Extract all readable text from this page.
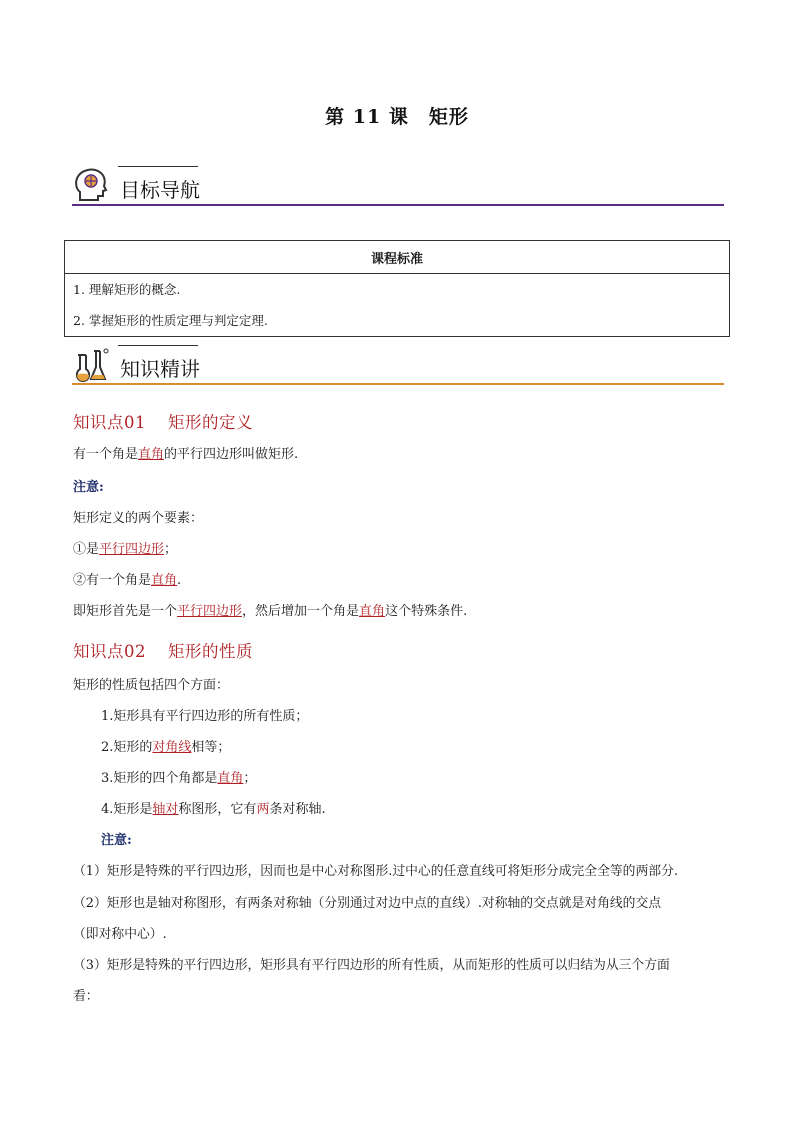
第 11 课　矩形
目标导航
课程标准

1. 理解矩形的概念.
2. 掌握矩形的性质定理与判定定理.
知识精讲
知识点01 矩形的定义
有一个角是直角的平行四边形叫做矩形.
注意:
矩形定义的两个要素：
①是平行四边形；
②有一个角是直角.
即矩形首先是一个平行四边形，然后增加一个角是直角这个特殊条件.
知识点02 矩形的性质
矩形的性质包括四个方面：
1.矩形具有平行四边形的所有性质；
2.矩形的对角线相等；
3.矩形的四个角都是直角；
4.矩形是轴对称图形，它有两条对称轴.
注意:
（1）矩形是特殊的平行四边形，因而也是中心对称图形.过中心的任意直线可将矩形分成完全全等的两部分.
（2）矩形也是轴对称图形，有两条对称轴（分别通过对边中点的直线）.对称轴的交点就是对角线的交点
（即对称中心）.
（3）矩形是特殊的平行四边形，矩形具有平行四边形的所有性质，从而矩形的性质可以归结为从三个方面
看：
